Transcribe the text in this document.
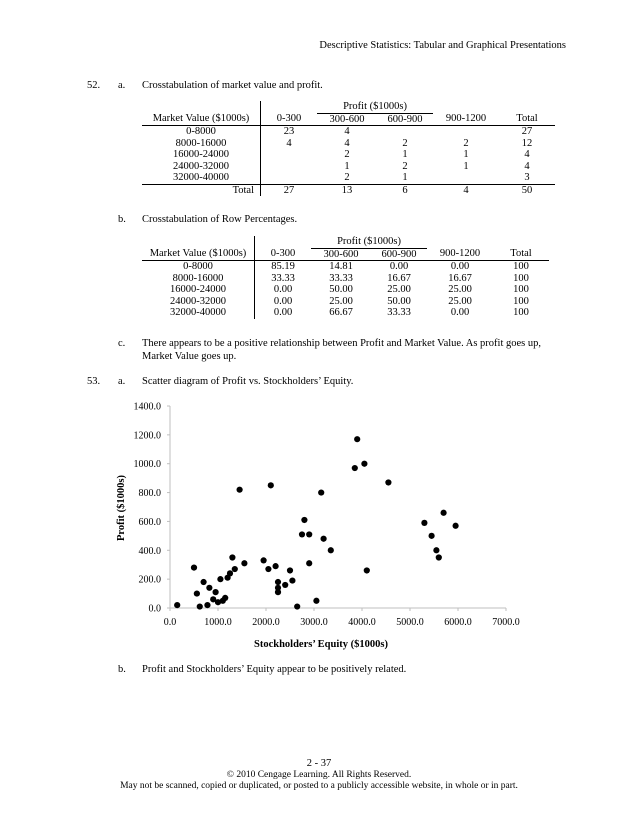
Descriptive Statistics: Tabular and Graphical Presentations
52. a. Crosstabulation of market value and profit.
		Profit ($1000s)			
Market Value ($1000s)	0-300	300-600	600-900	900-1200	Total
0-8000	23	4			27
8000-16000	4	4	2	2	12
16000-24000		2	1	1	4
24000-32000		1	2	1	4
32000-40000		2	1		3
Total	27	13	6	4	50
b. Crosstabulation of Row Percentages.
		Profit ($1000s)			
Market Value ($1000s)	0-300	300-600	600-900	900-1200	Total
0-8000	85.19	14.81	0.00	0.00	100
8000-16000	33.33	33.33	16.67	16.67	100
16000-24000	0.00	50.00	25.00	25.00	100
24000-32000	0.00	25.00	50.00	25.00	100
32000-40000	0.00	66.67	33.33	0.00	100
c. There appears to be a positive relationship between Profit and Market Value. As profit goes up,
Market Value goes up.
53. a. Scatter diagram of Profit vs. Stockholders’ Equity.
0.0	1000.0 2000.0 3000.0 4000.0 5000.0 6000.0 7000.0
0.0
200.0
400.0
600.0
800.0
1000.0
1200.0
1400.0
Stockholders’ Equity ($1000s)
Profit ($1000s)
b. Profit and Stockholders’ Equity appear to be positively related.
2 - 37
© 2010 Cengage Learning. All Rights Reserved.
May not be scanned, copied or duplicated, or posted to a publicly accessible website, in whole or in part.
